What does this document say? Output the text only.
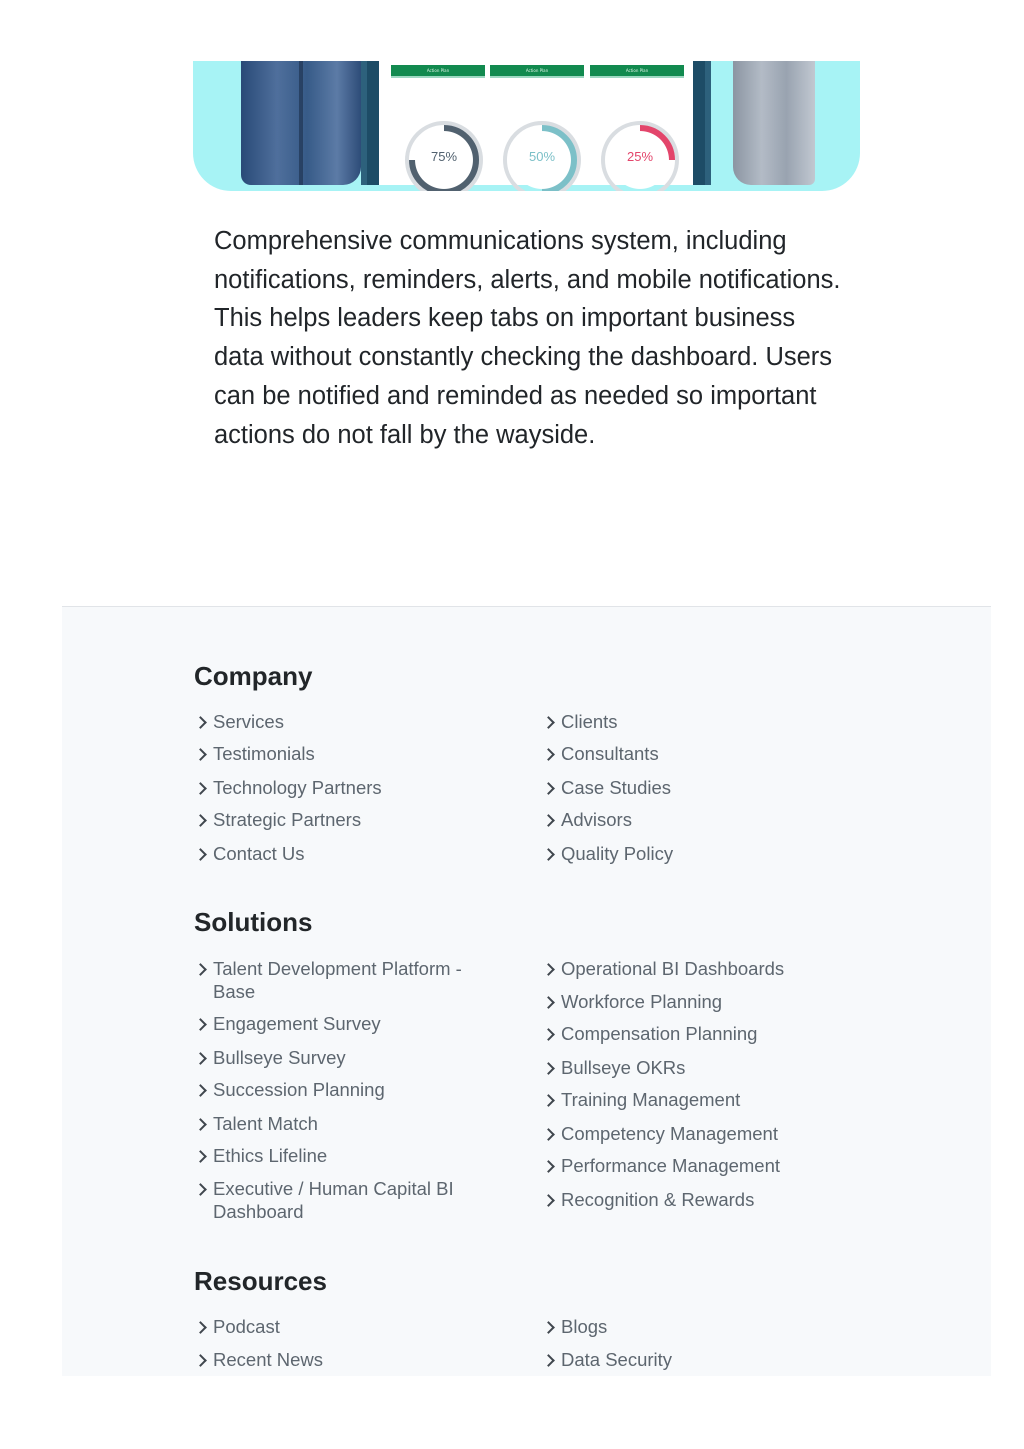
Action Plan	Action Plan	Action Plan
75%	50%	25%

Comprehensive communications system, including notifications, reminders, alerts, and mobile notifications. This helps leaders keep tabs on important business data without constantly checking the dashboard. Users can be notified and reminded as needed so important actions do not fall by the wayside.

Company
Services
Testimonials
Technology Partners
Strategic Partners
Contact Us
Clients
Consultants
Case Studies
Advisors
Quality Policy
Solutions
Talent Development Platform - Base
Engagement Survey
Bullseye Survey
Succession Planning
Talent Match
Ethics Lifeline
Executive / Human Capital BI Dashboard
Operational BI Dashboards
Workforce Planning
Compensation Planning
Bullseye OKRs
Training Management
Competency Management
Performance Management
Recognition & Rewards
Resources
Podcast
Recent News
Blogs
Data Security
